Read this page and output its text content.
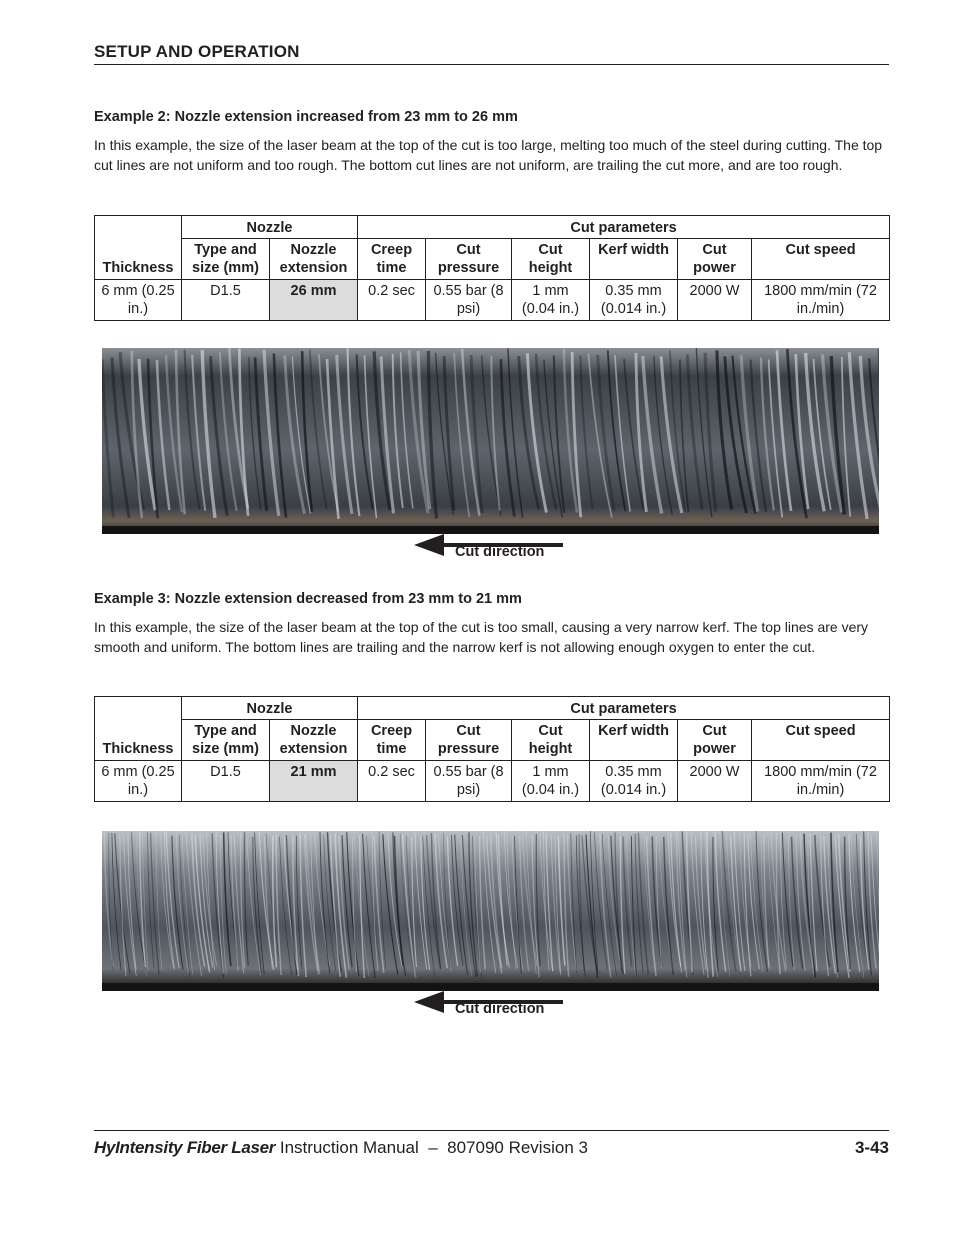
SETUP AND OPERATION
Example 2: Nozzle extension increased from 23 mm to 26 mm
In this example, the size of the laser beam at the top of the cut is too large, melting too much of the steel during cutting. The top cut lines are not uniform and too rough. The bottom cut lines are not uniform, are trailing the cut more, and are too rough.
Thickness	Nozzle		Cut parameters					
	Type and size (mm)	Nozzle extension	Creep time	Cut pressure	Cut height	Kerf width	Cut power	Cut speed
6 mm (0.25 in.)	D1.5	26 mm	0.2 sec	0.55 bar (8 psi)	1 mm (0.04 in.)	0.35 mm (0.014 in.)	2000 W	1800 mm/min (72 in./min)
Cut direction
Example 3: Nozzle extension decreased from 23 mm to 21 mm
In this example, the size of the laser beam at the top of the cut is too small, causing a very narrow kerf. The top lines are very smooth and uniform. The bottom lines are trailing and the narrow kerf is not allowing enough oxygen to enter the cut.
Thickness	Nozzle		Cut parameters					
	Type and size (mm)	Nozzle extension	Creep time	Cut pressure	Cut height	Kerf width	Cut power	Cut speed
6 mm (0.25 in.)	D1.5	21 mm	0.2 sec	0.55 bar (8 psi)	1 mm (0.04 in.)	0.35 mm (0.014 in.)	2000 W	1800 mm/min (72 in./min)
Cut direction
HyIntensity Fiber Laser Instruction Manual – 807090 Revision 3	3-43
